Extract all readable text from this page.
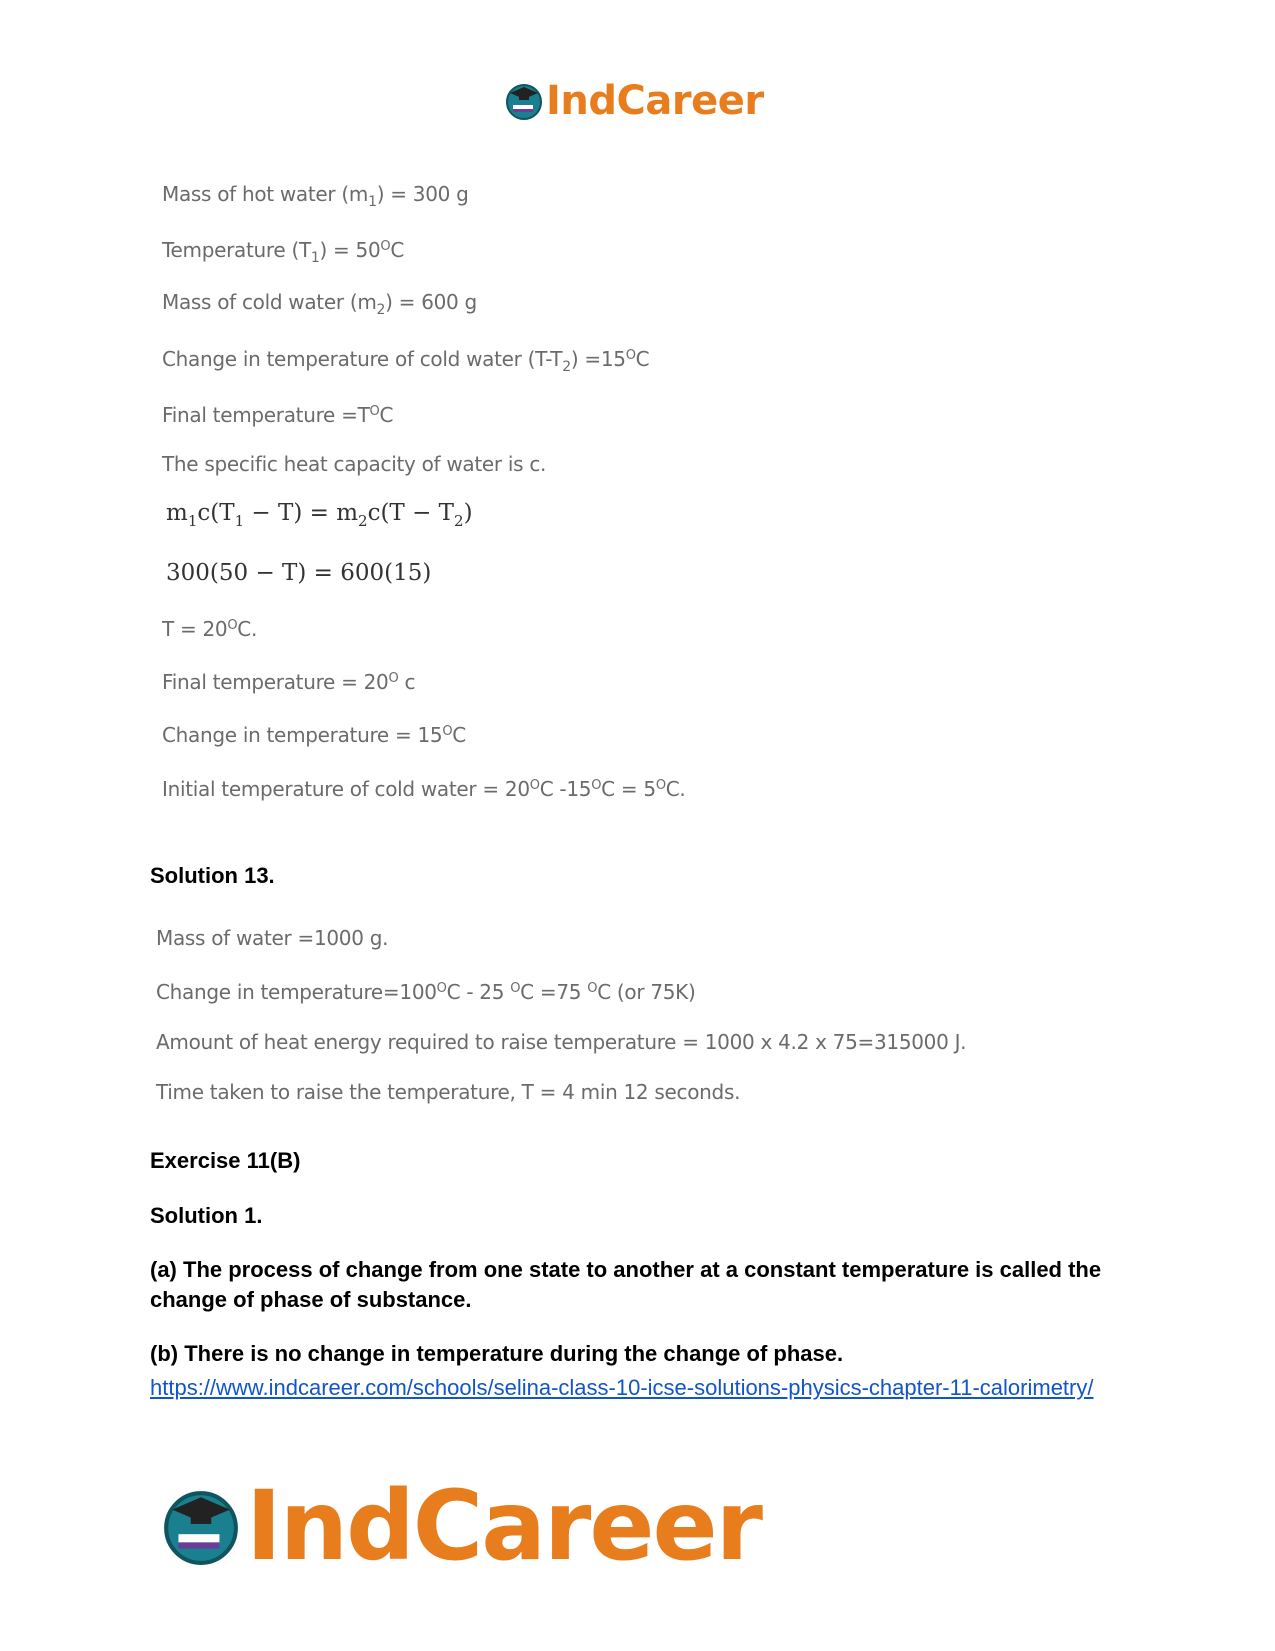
IndCareer
Mass of hot water $(m_1) = 300$ g
Temperature $(T_1) = 50^OC$
Mass of cold water $(m_2) = 600$ g
Change in temperature of cold water $(T-T_2) =15^OC$
Final temperature $=T^OC$
The specific heat capacity of water is c.
$m_1c(T_1 - T) = m_2c(T - T_2)$
300(50 − T) = 600(15)
$T = 20^OC$.
Final temperature = $20^O$ c
Change in temperature = $15^OC$
Initial temperature of cold water = $20^OC$ $-15^OC = 5^OC$.
Solution 13.
Mass of water =1000 g.
Change in $temperature=100^OC - 25$ $^O$C =75 $^O$C (or 75K)
Amount of heat energy required to raise temperature = 1000 x 4.2 x 75=315000 J.
Time taken to raise the temperature, T = 4 min 12 seconds.
Exercise 11(B)
Solution 1.
(a) The process of change from one state to another at a constant temperature is called the change of phase of substance.
(b) There is no change in temperature during the change of phase.
https://www.indcareer.com/schools/selina-class-10-icse-solutions-physics-chapter-11-calorimetry/
IndCareer
